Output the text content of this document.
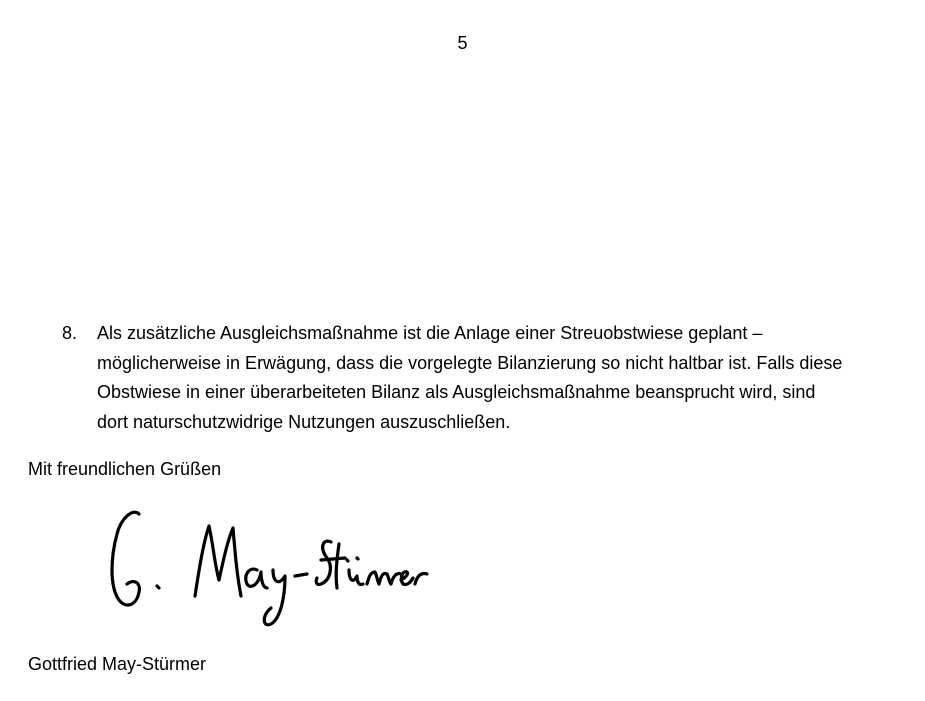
5
8.	Als zusätzliche Ausgleichsmaßnahme ist die Anlage einer Streuobstwiese geplant –
möglicherweise in Erwägung, dass die vorgelegte Bilanzierung so nicht haltbar ist. Falls diese
Obstwiese in einer überarbeiteten Bilanz als Ausgleichsmaßnahme beansprucht wird, sind
dort naturschutzwidrige Nutzungen auszuschließen.
Mit freundlichen Grüßen
Gottfried May-Stürmer
